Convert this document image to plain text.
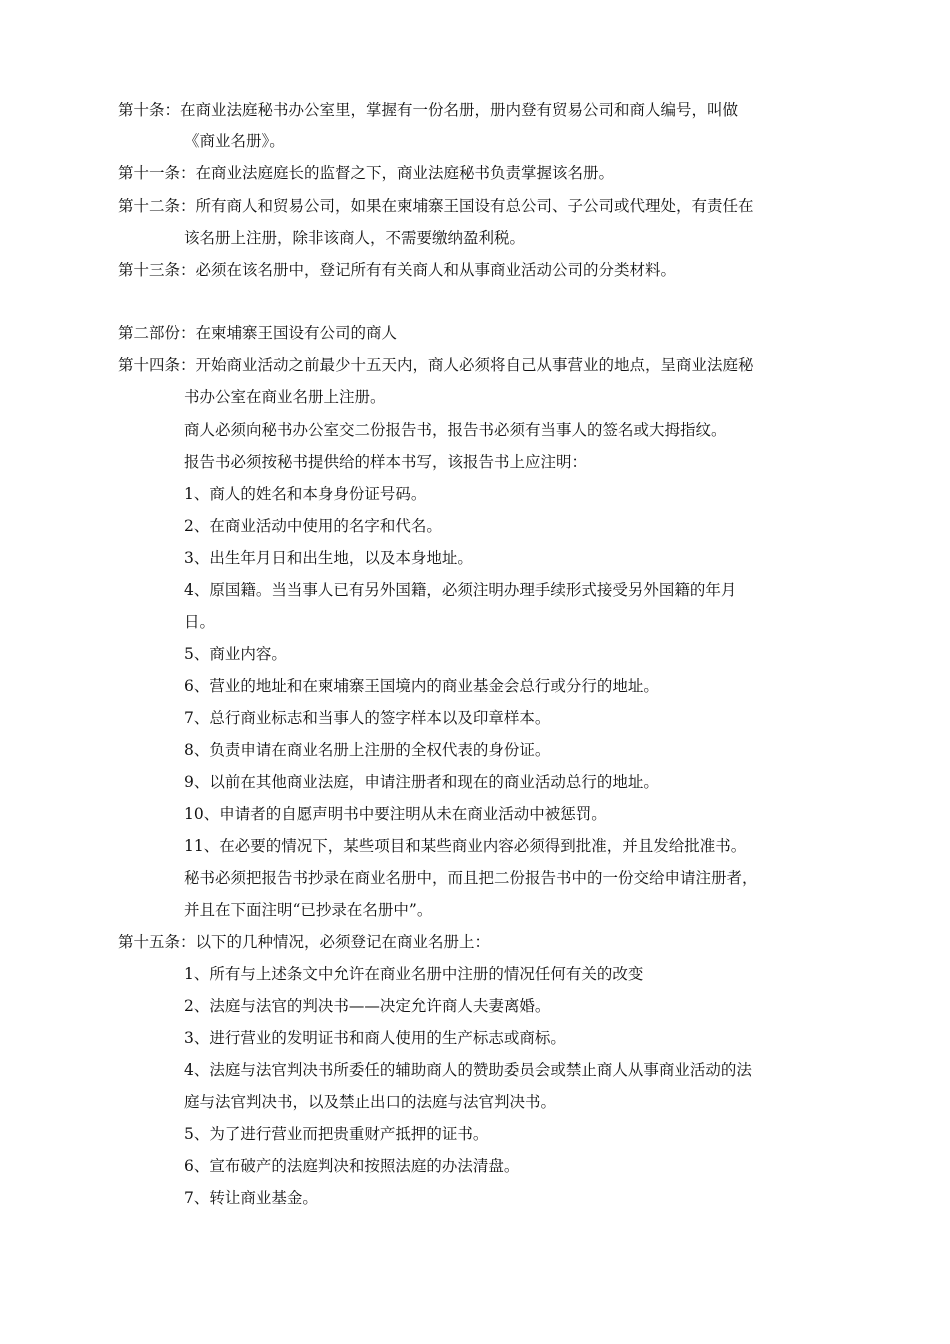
第十条：在商业法庭秘书办公室里，掌握有一份名册，册内登有贸易公司和商人编号，叫做
《商业名册》。
第十一条：在商业法庭庭长的监督之下，商业法庭秘书负责掌握该名册。
第十二条：所有商人和贸易公司，如果在柬埔寨王国设有总公司、子公司或代理处，有责任在
该名册上注册，除非该商人，不需要缴纳盈利税。
第十三条：必须在该名册中，登记所有有关商人和从事商业活动公司的分类材料。
第二部份：在柬埔寨王国设有公司的商人
第十四条：开始商业活动之前最少十五天内，商人必须将自己从事营业的地点，呈商业法庭秘
书办公室在商业名册上注册。
商人必须向秘书办公室交二份报告书，报告书必须有当事人的签名或大拇指纹。
报告书必须按秘书提供给的样本书写，该报告书上应注明：
1、商人的姓名和本身身份证号码。
2、在商业活动中使用的名字和代名。
3、出生年月日和出生地，以及本身地址。
4、原国籍。当当事人已有另外国籍，必须注明办理手续形式接受另外国籍的年月
日。
5、商业内容。
6、营业的地址和在柬埔寨王国境内的商业基金会总行或分行的地址。
7、总行商业标志和当事人的签字样本以及印章样本。
8、负责申请在商业名册上注册的全权代表的身份证。
9、以前在其他商业法庭，申请注册者和现在的商业活动总行的地址。
10、申请者的自愿声明书中要注明从未在商业活动中被惩罚。
11、在必要的情况下，某些项目和某些商业内容必须得到批准，并且发给批准书。
秘书必须把报告书抄录在商业名册中，而且把二份报告书中的一份交给申请注册者，
并且在下面注明“已抄录在名册中”。
第十五条：以下的几种情况，必须登记在商业名册上：
1、所有与上述条文中允许在商业名册中注册的情况任何有关的改变
2、法庭与法官的判决书——决定允许商人夫妻离婚。
3、进行营业的发明证书和商人使用的生产标志或商标。
4、法庭与法官判决书所委任的辅助商人的赞助委员会或禁止商人从事商业活动的法
庭与法官判决书，以及禁止出口的法庭与法官判决书。
5、为了进行营业而把贵重财产抵押的证书。
6、宣布破产的法庭判决和按照法庭的办法清盘。
7、转让商业基金。
